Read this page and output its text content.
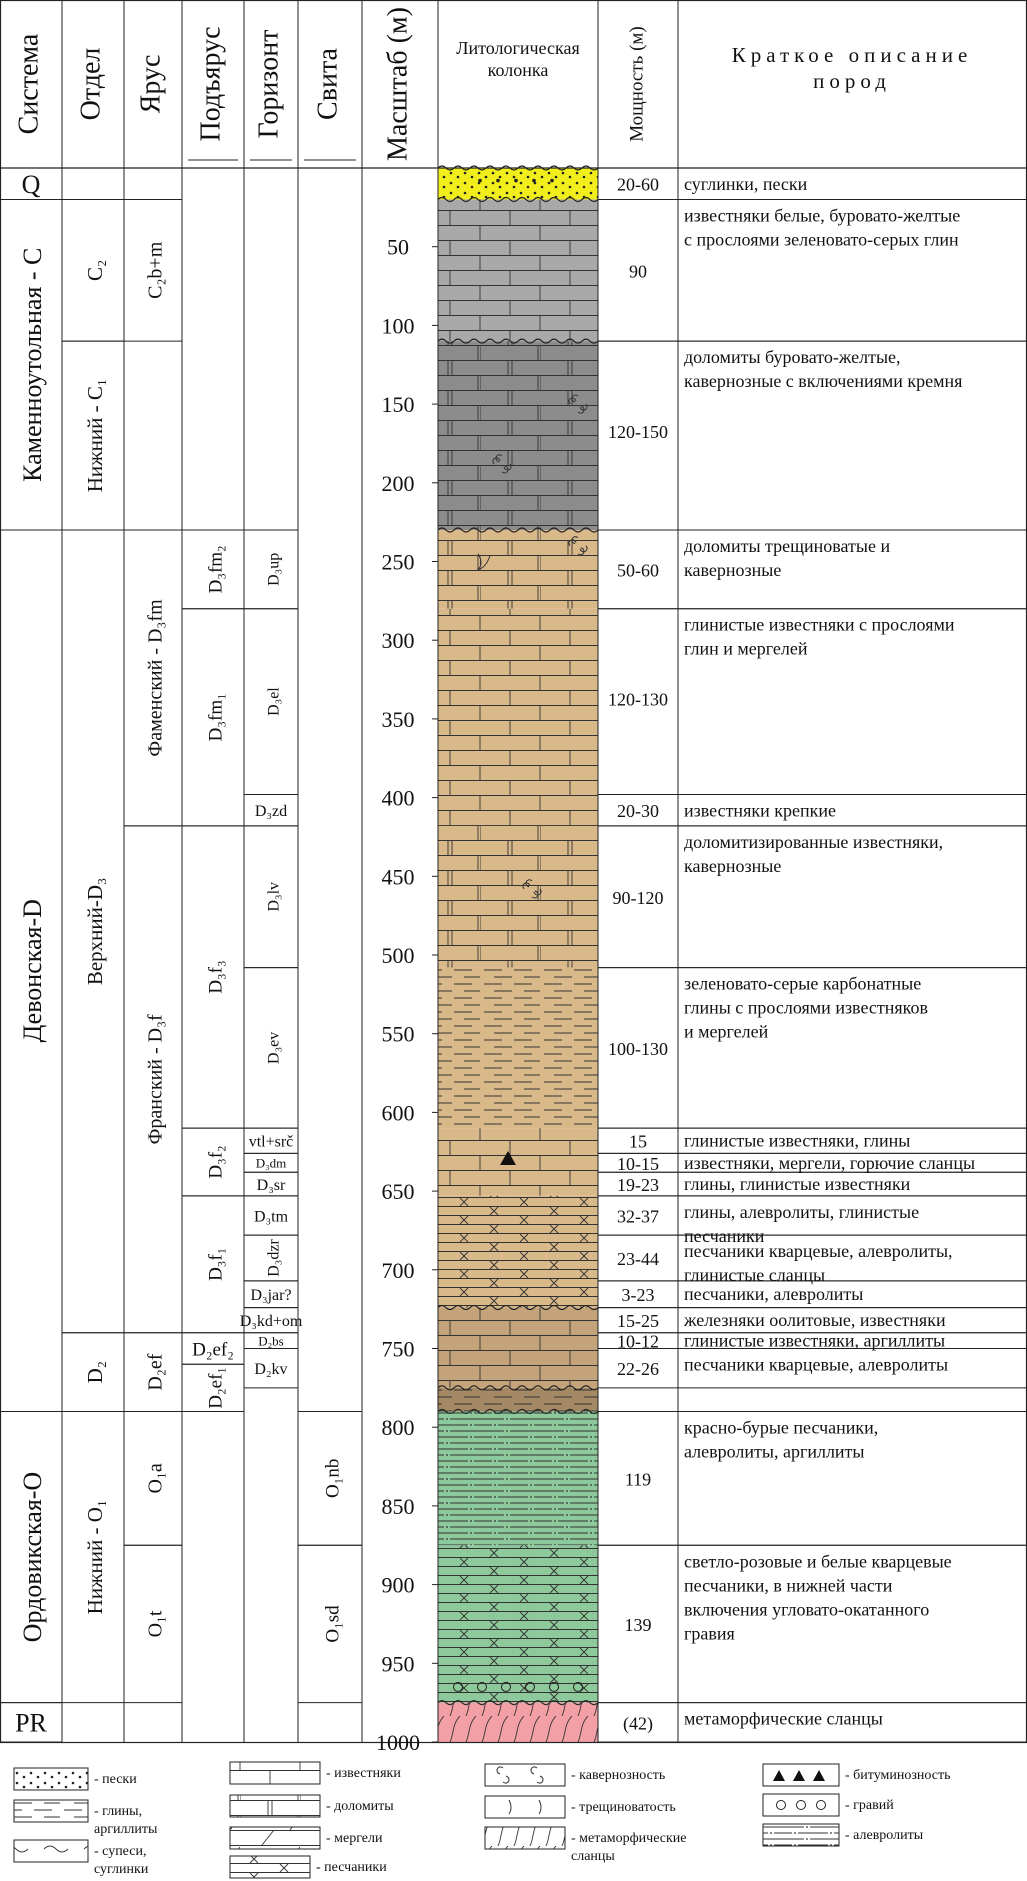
Система Отдел Ярус Подъярус Горизонт Свита Масштаб (м)	Мощность (м)
Литологическая колонка
Краткое описание пород
Q
Каменноутольная - С
Девонская-D
Ордовикская-О
PR
С₂
Нижний - С₁
Верхний-D₃
D₂
Нижний - О₁
С₂b+m
Фаменский - D₃fm
Франский - D₃f
D₂ef
О₁a
О₁t
D₃fm₂
D₃fm₁
D₃f₃
D₃f₂
D₃f₁
D₂ef₂
D₂ef₁
D₃up
D₃el
D₃zd
D₃lv
D₃ev
vtl+srč
D₃dm
D₃sr
D₃tm
D₃dzr
D₃jar?
D₃kd+om
D₂bs
D₂kv
О₁nb
О₁sd
50
100
150
200
250
300
350
400
450
500
550
600
650
700
750
800
850
900
950
1000
20-60 суглинки, пески
90
известняки белые, буровато-желтые
с прослоями зеленовато-серых глин
120-150
доломиты буровато-желтые,
кавернозные с включениями кремня
50-60
доломиты трещиноватые и
кавернозные
120-130
глинистые известняки с прослоями
глин и мергелей
20-30 известняки крепкие
90-120
доломитизированные известняки,
кавернозные
100-130
зеленовато-серые карбонатные
глины с прослоями известняков
и мергелей
15 глинистые известняки, глины
10-15 известняки, мергели, горючие сланцы
19-23 глины, глинистые известняки
32-37 глины, алевролиты, глинистые
песчаники
23-44 песчаники кварцевые, алевролиты,
глинистые сланцы
3-23 песчаники, алевролиты
15-25 железняки оолитовые, известняки
10-12 глинистые известняки, аргиллиты
22-26 песчаники кварцевые, алевролиты
119
красно-бурые песчаники,
алевролиты, аргиллиты
139
светло-розовые и белые кварцевые
песчаники, в нижней части
включения угловато-окатанного
гравия
(42) метаморфические сланцы
- пески
- глины,
аргиллиты
- супеси,
суглинки
- известняки
- доломиты
- мергели
- песчаники
- кавернозность
- трещиноватость
- метаморфические
сланцы
- битуминозность
- гравий
- алевролиты
